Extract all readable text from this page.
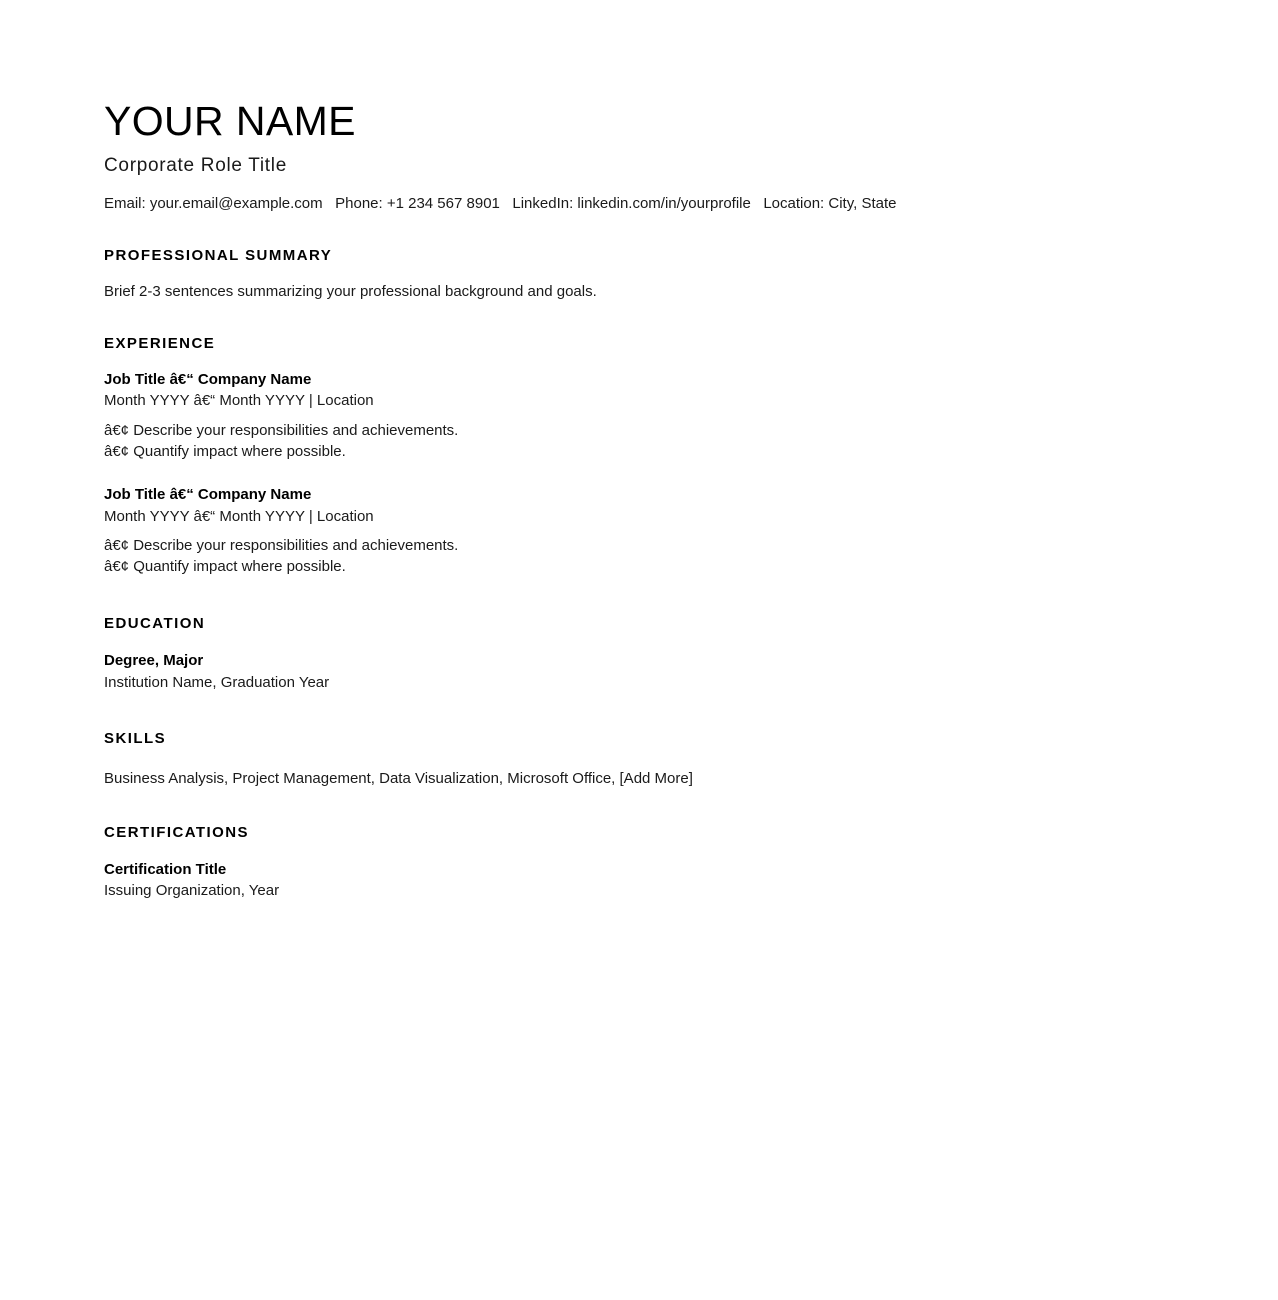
YOUR NAME
Corporate Role Title
Email: your.email@example.com   Phone: +1 234 567 8901   LinkedIn: linkedin.com/in/yourprofile   Location: City, State
PROFESSIONAL SUMMARY

Brief 2-3 sentences summarizing your professional background and goals.

EXPERIENCE
Job Title â€“ Company Name
Month YYYY â€“ Month YYYY | Location
â€¢ Describe your responsibilities and achievements.
â€¢ Quantify impact where possible.
Job Title â€“ Company Name
Month YYYY â€“ Month YYYY | Location
â€¢ Describe your responsibilities and achievements.
â€¢ Quantify impact where possible.
EDUCATION
Degree, Major
Institution Name, Graduation Year
SKILLS

Business Analysis, Project Management, Data Visualization, Microsoft Office, [Add More]

CERTIFICATIONS
Certification Title
Issuing Organization, Year
